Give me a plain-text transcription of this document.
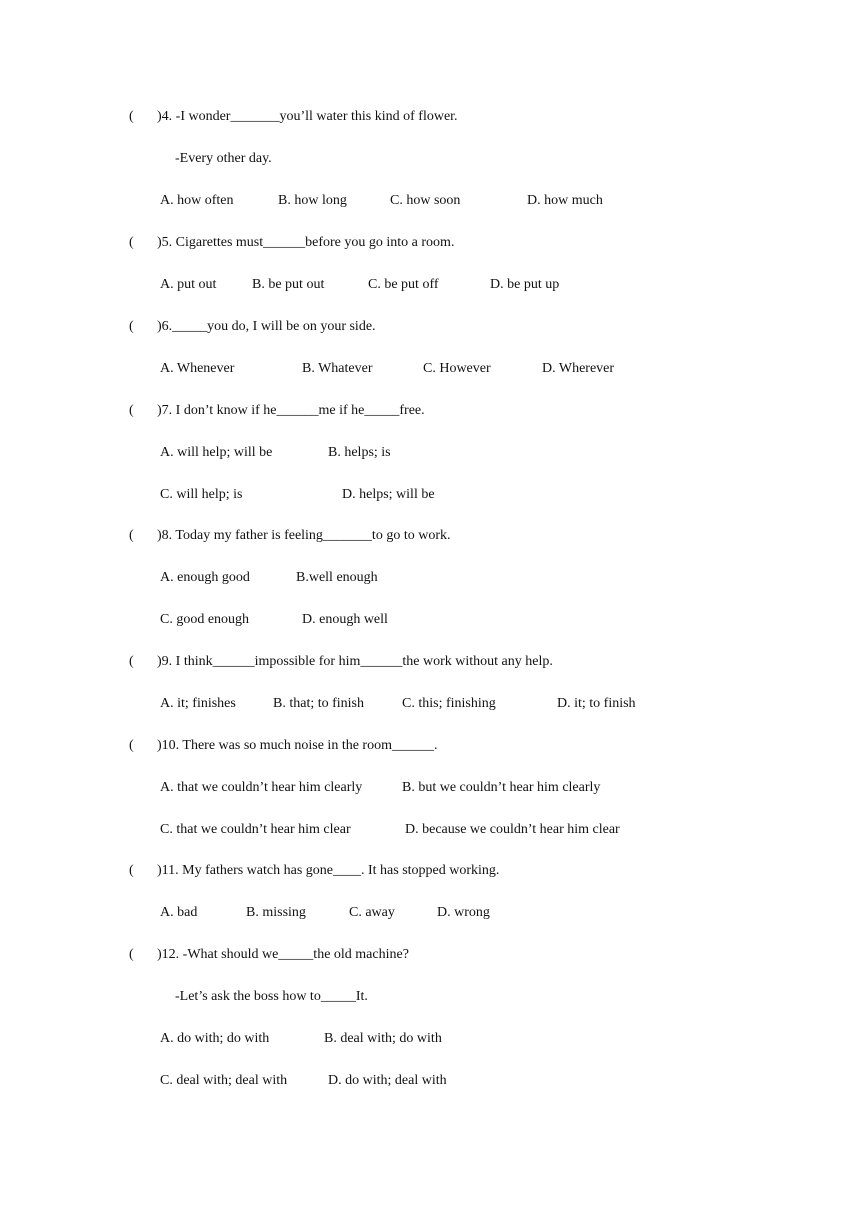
( )4. -I wonder_______you’ll water this kind of flower.
-Every other day.
A. how often	B. how long	C. how soon	D. how much
( )5. Cigarettes must______before you go into a room.
A. put out	B. be put out	C. be put off	D. be put up
( )6._____you do, I will be on your side.
A. Whenever	B. Whatever	C. However	D. Wherever
( )7. I don’t know if he______me if he_____free.
A. will help; will be	B. helps; is
C. will help; is	D. helps; will be
( )8. Today my father is feeling_______to go to work.
A. enough good	B.well enough
C. good enough	D. enough well
( )9. I think______impossible for him______the work without any help.
A. it; finishes	B. that; to finish	C. this; finishing	D. it; to finish
( )10. There was so much noise in the room______.
A. that we couldn’t hear him clearly	B. but we couldn’t hear him clearly
C. that we couldn’t hear him clear	D. because we couldn’t hear him clear
( )11. My fathers watch has gone____. It has stopped working.
A. bad	B. missing	C. away	D. wrong
( )12. -What should we_____the old machine?
-Let’s ask the boss how to_____It.
A. do with; do with	B. deal with; do with
C. deal with; deal with	D. do with; deal with
